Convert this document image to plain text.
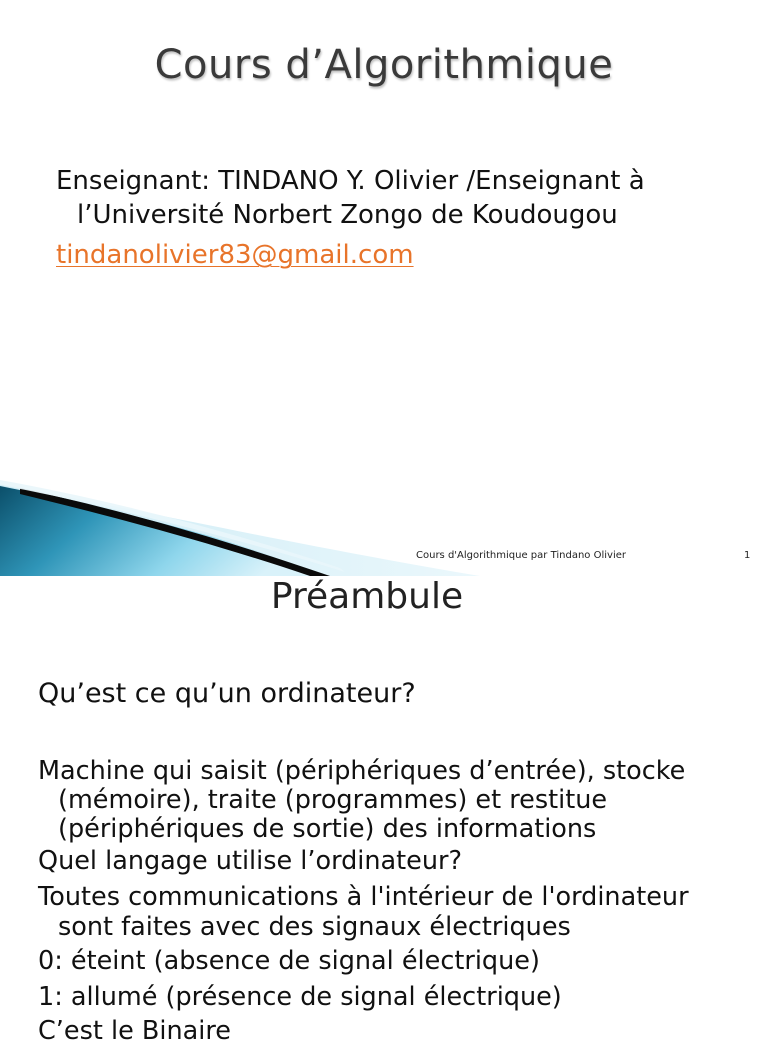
Cours d’Algorithmique
Enseignant: TINDANO Y. Olivier /Enseignant à
l’Université Norbert Zongo de Koudougou
tindanolivier83@gmail.com
Cours d'Algorithmique par Tindano Olivier	1
Préambule
Qu’est ce qu’un ordinateur?
Machine qui saisit (périphériques d’entrée), stocke
(mémoire), traite (programmes) et restitue
(périphériques de sortie) des informations
Quel langage utilise l’ordinateur?
Toutes communications à l'intérieur de l'ordinateur
sont faites avec des signaux électriques
0: éteint (absence de signal électrique)
1: allumé (présence de signal électrique)
C’est le Binaire
